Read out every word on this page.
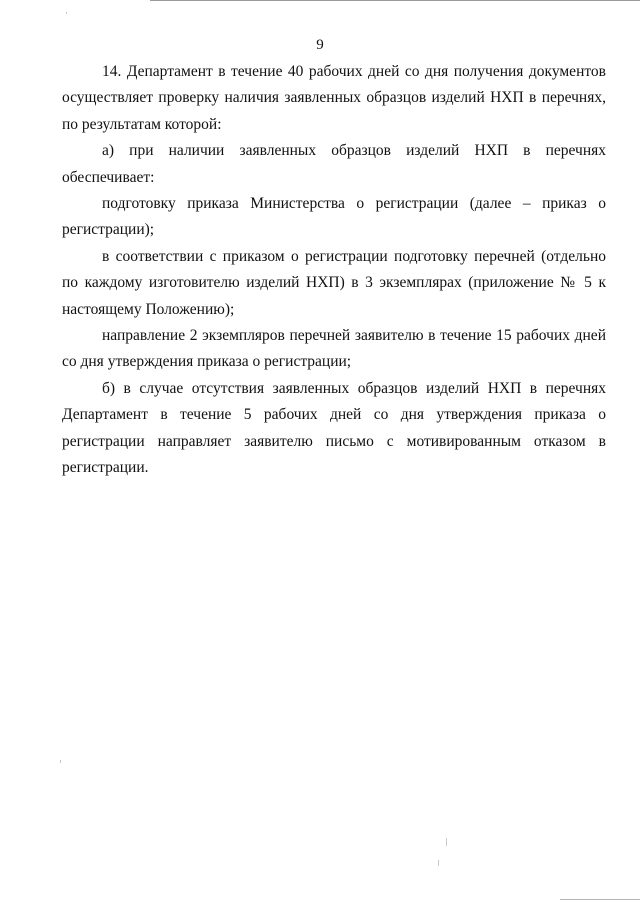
9

14. Департамент в течение 40 рабочих дней со дня получения документов осуществляет проверку наличия заявленных образцов изделий НХП в перечнях, по результатам которой:

а) при наличии заявленных образцов изделий НХП в перечнях обеспечивает:

подготовку приказа Министерства о регистрации (далее – приказ о регистрации);

в соответствии с приказом о регистрации подготовку перечней (отдельно по каждому изготовителю изделий НХП) в 3 экземплярах (приложение № 5 к настоящему Положению);

направление 2 экземпляров перечней заявителю в течение 15 рабочих дней со дня утверждения приказа о регистрации;

б) в случае отсутствия заявленных образцов изделий НХП в перечнях Департамент в течение 5 рабочих дней со дня утверждения приказа о регистрации направляет заявителю письмо с мотивированным отказом в регистрации.
